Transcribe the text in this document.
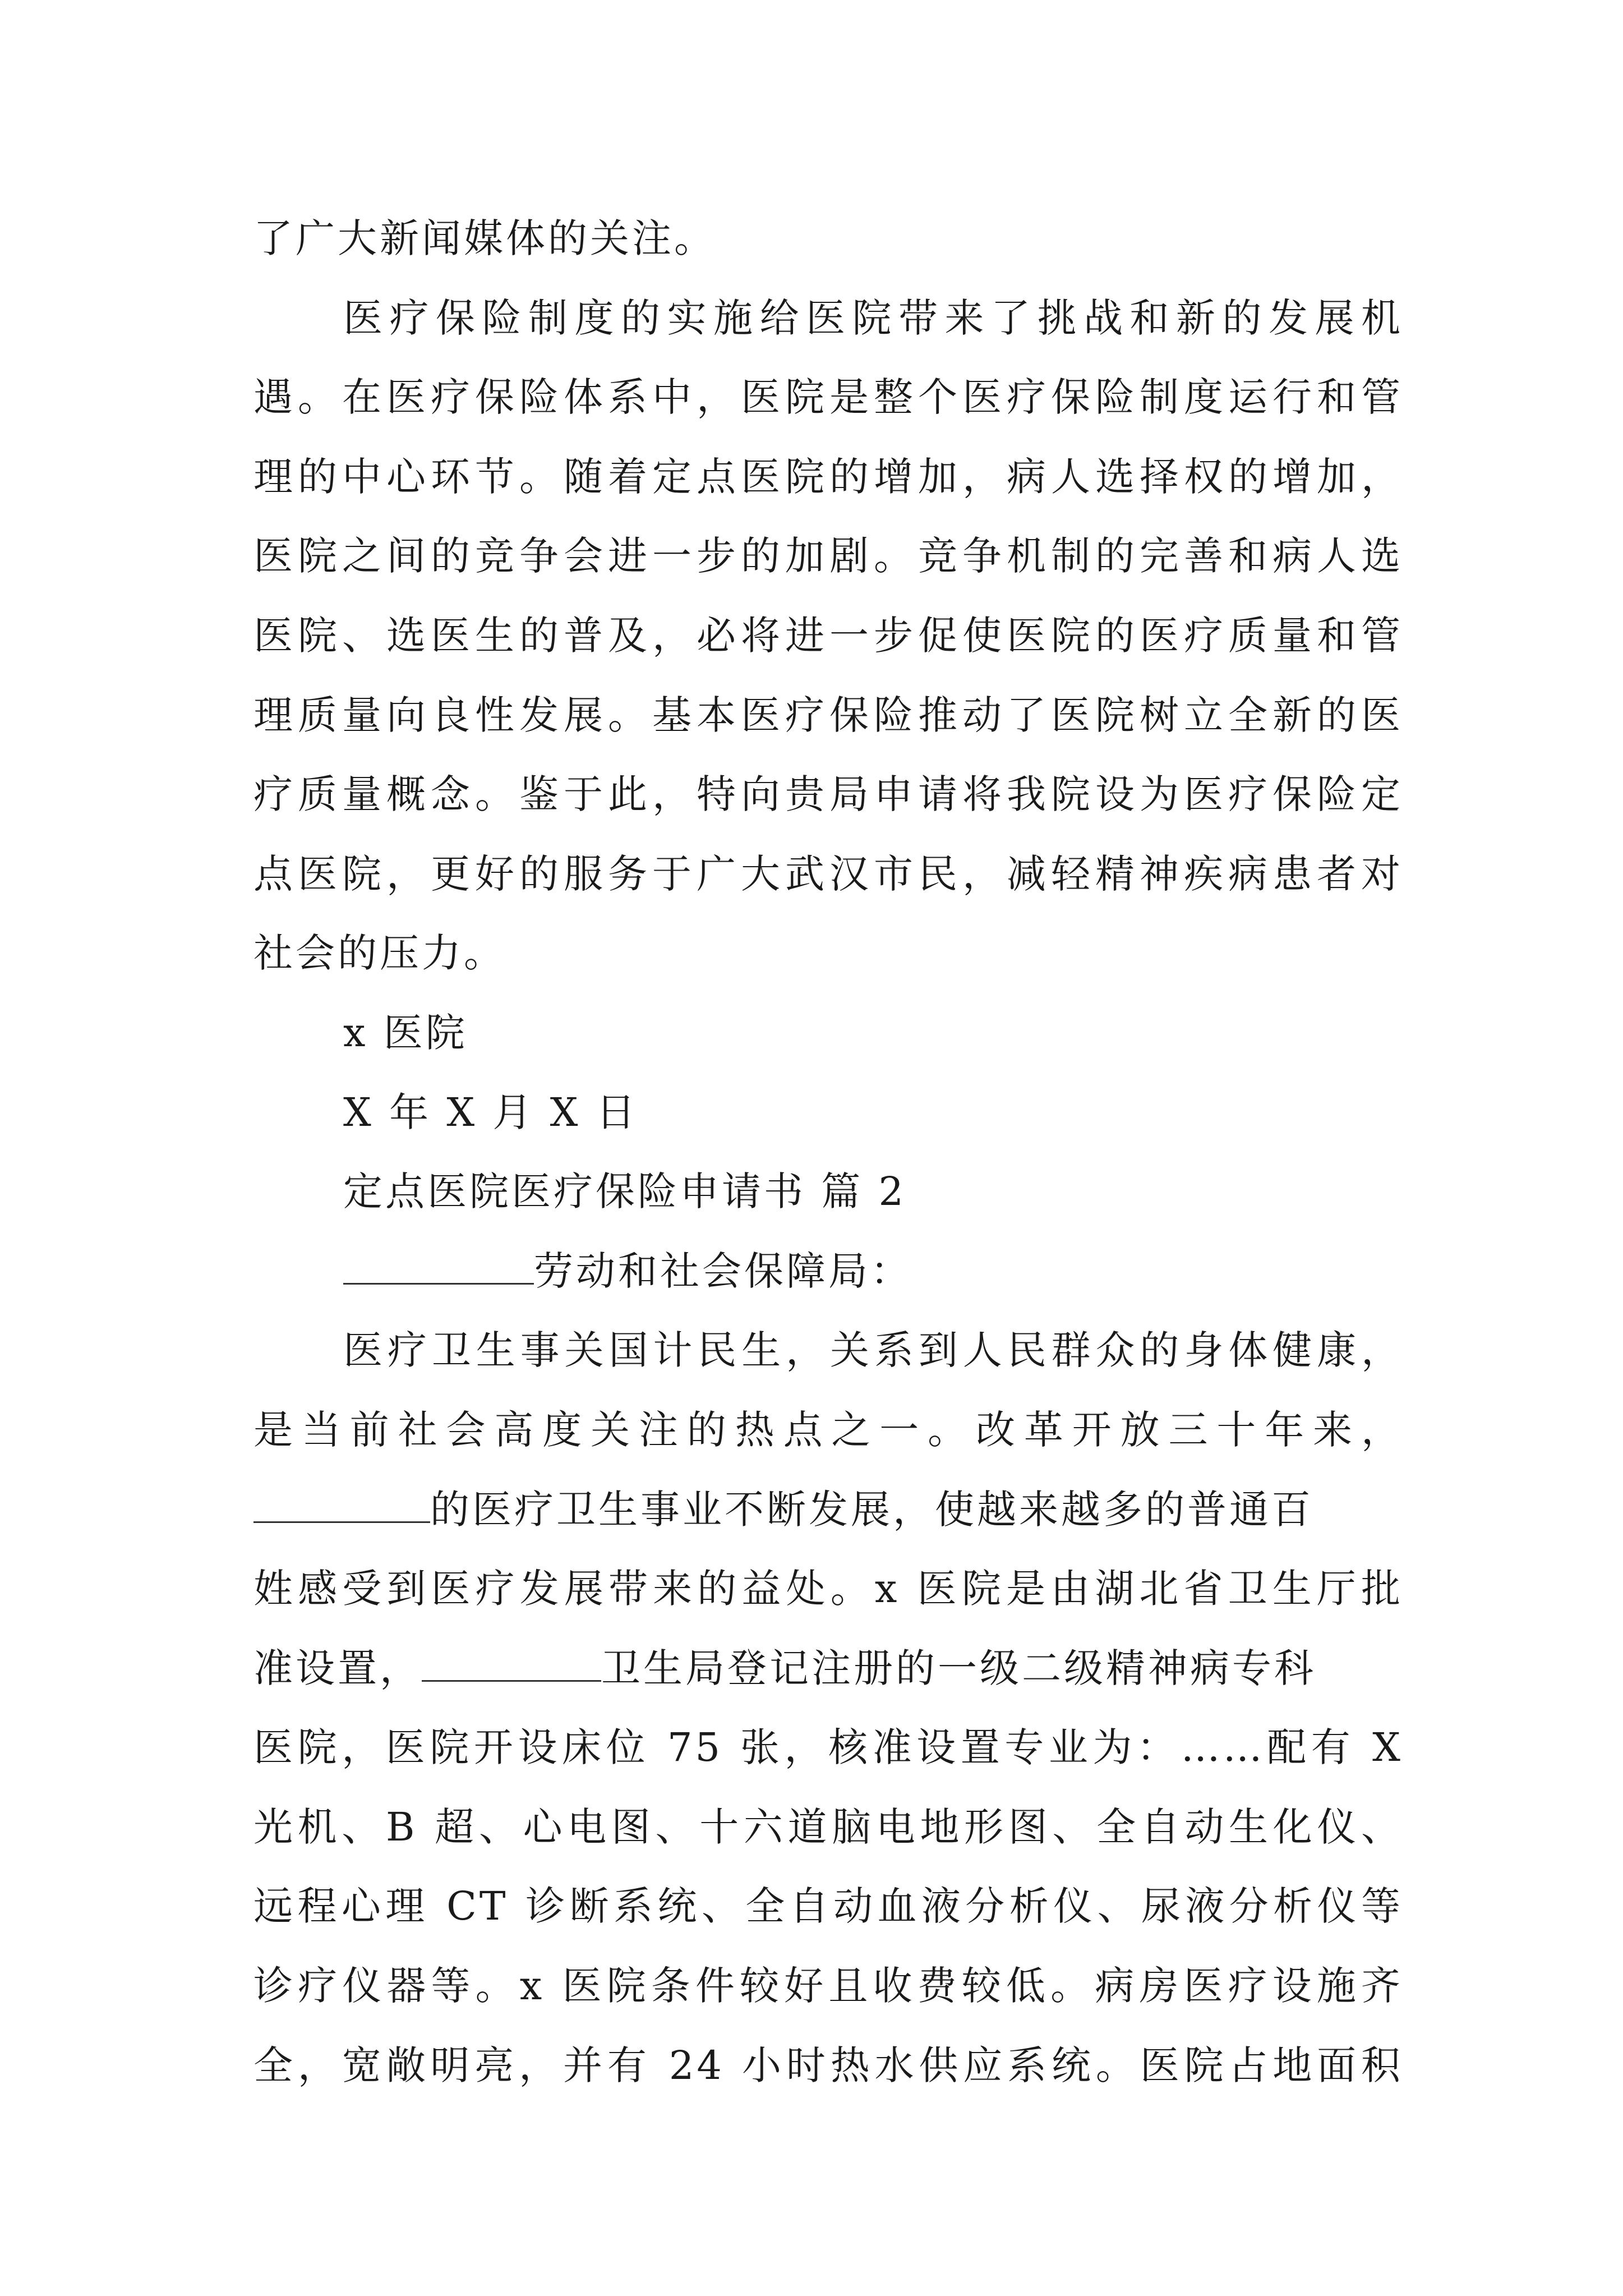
了广大新闻媒体的关注。
医疗保险制度的实施给医院带来了挑战和新的发展机
遇。在医疗保险体系中，医院是整个医疗保险制度运行和管
理的中心环节。随着定点医院的增加，病人选择权的增加，
医院之间的竞争会进一步的加剧。竞争机制的完善和病人选
医院、选医生的普及，必将进一步促使医院的医疗质量和管
理质量向良性发展。基本医疗保险推动了医院树立全新的医
疗质量概念。鉴于此，特向贵局申请将我院设为医疗保险定
点医院，更好的服务于广大武汉市民，减轻精神疾病患者对
社会的压力。
x 医院
X 年 X 月 X 日
定点医院医疗保险申请书 篇 2
劳动和社会保障局：
医疗卫生事关国计民生，关系到人民群众的身体健康，
是当前社会高度关注的热点之一。改革开放三十年来，
的医疗卫生事业不断发展，使越来越多的普通百
姓感受到医疗发展带来的益处。x 医院是由湖北省卫生厅批
准设置，	卫生局登记注册的一级二级精神病专科
医院，医院开设床位 75 张，核准设置专业为：……配有 X
光机、B 超、心电图、十六道脑电地形图、全自动生化仪、
远程心理 CT 诊断系统、全自动血液分析仪、尿液分析仪等
诊疗仪器等。x 医院条件较好且收费较低。病房医疗设施齐
全，宽敞明亮，并有 24 小时热水供应系统。医院占地面积
